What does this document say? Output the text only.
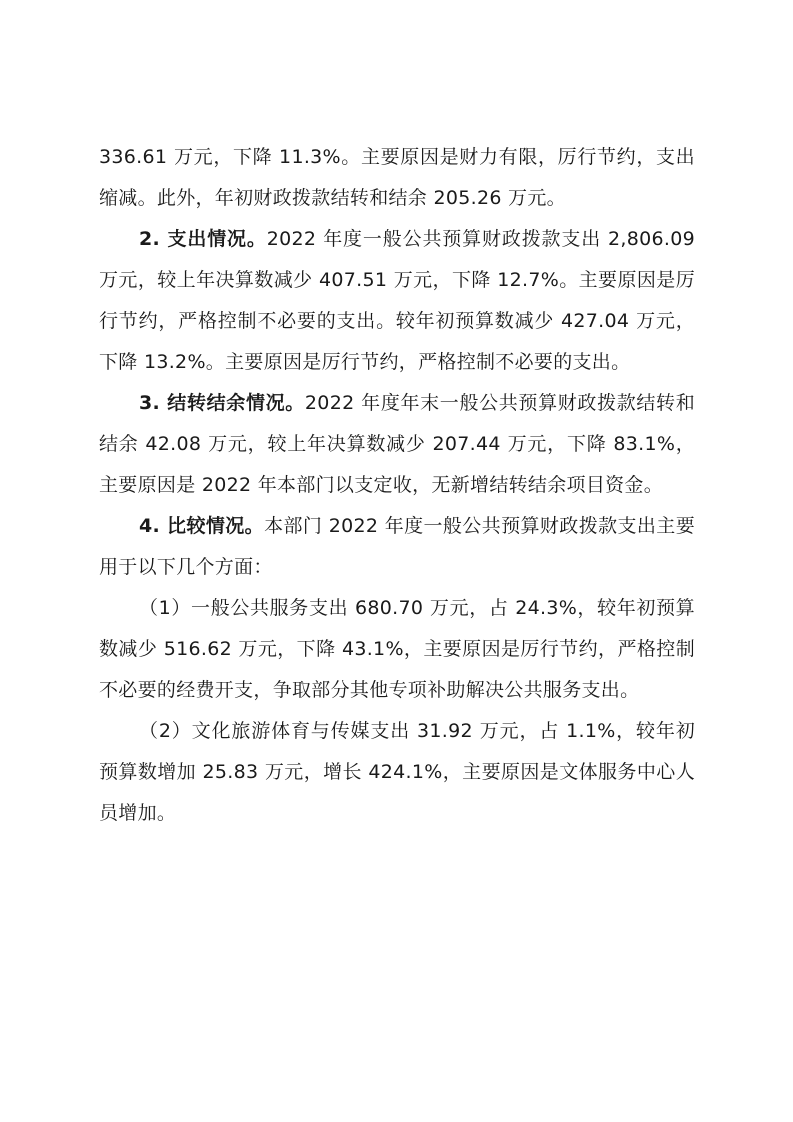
336.61 万元，下降 11.3%。主要原因是财力有限，厉行节约，支出缩减。此外，年初财政拨款结转和结余 205.26 万元。

2. 支出情况。2022 年度一般公共预算财政拨款支出 2,806.09 万元，较上年决算数减少 407.51 万元，下降 12.7%。主要原因是厉行节约，严格控制不必要的支出。较年初预算数减少 427.04 万元，下降 13.2%。主要原因是厉行节约，严格控制不必要的支出。

3. 结转结余情况。2022 年度年末一般公共预算财政拨款结转和结余 42.08 万元，较上年决算数减少 207.44 万元，下降 83.1%，主要原因是 2022 年本部门以支定收，无新增结转结余项目资金。

4. 比较情况。本部门 2022 年度一般公共预算财政拨款支出主要用于以下几个方面：

（1）一般公共服务支出 680.70 万元，占 24.3%，较年初预算数减少 516.62 万元，下降 43.1%，主要原因是厉行节约，严格控制不必要的经费开支，争取部分其他专项补助解决公共服务支出。

（2）文化旅游体育与传媒支出 31.92 万元，占 1.1%，较年初预算数增加 25.83 万元，增长 424.1%，主要原因是文体服务中心人员增加。
